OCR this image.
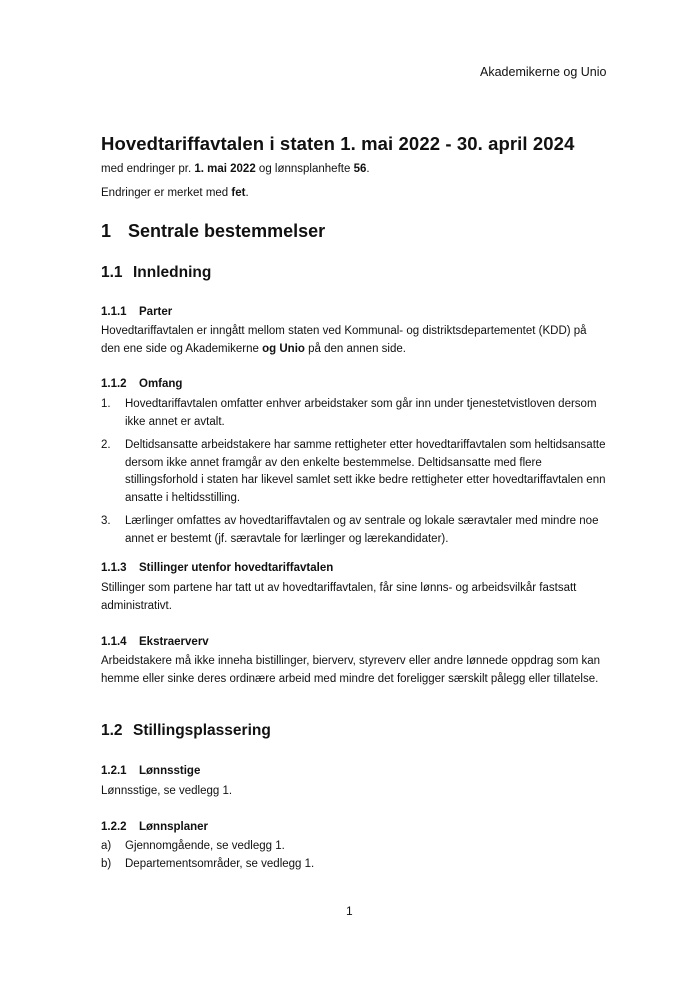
Akademikerne og Unio
Hovedtariffavtalen i staten 1. mai 2022 - 30. april 2024

med endringer pr. 1. mai 2022 og lønnsplanhefte 56.

Endringer er merket med fet.

1 Sentrale bestemmelser
1.1 Innledning
1.1.1 Parter

Hovedtariffavtalen er inngått mellom staten ved Kommunal- og distriktsdepartementet (KDD) på den ene side og Akademikerne og Unio på den annen side.

1.1.2 Omfang
1.	Hovedtariffavtalen omfatter enhver arbeidstaker som går inn under tjenestetvistloven dersom ikke annet er avtalt.
2.	Deltidsansatte arbeidstakere har samme rettigheter etter hovedtariffavtalen som heltidsansatte dersom ikke annet framgår av den enkelte bestemmelse. Deltidsansatte med flere stillingsforhold i staten har likevel samlet sett ikke bedre rettigheter etter hovedtariffavtalen enn ansatte i heltidsstilling.
3.	Lærlinger omfattes av hovedtariffavtalen og av sentrale og lokale særavtaler med mindre noe annet er bestemt (jf. særavtale for lærlinger og lærekandidater).
1.1.3 Stillinger utenfor hovedtariffavtalen

Stillinger som partene har tatt ut av hovedtariffavtalen, får sine lønns- og arbeidsvilkår fastsatt administrativt.

1.1.4 Ekstraerverv

Arbeidstakere må ikke inneha bistillinger, bierverv, styreverv eller andre lønnede oppdrag som kan hemme eller sinke deres ordinære arbeid med mindre det foreligger særskilt pålegg eller tillatelse.

1.2 Stillingsplassering
1.2.1 Lønnsstige

Lønnsstige, se vedlegg 1.

1.2.2 Lønnsplaner
a)	Gjennomgående, se vedlegg 1.
b)	Departementsområder, se vedlegg 1.
1
